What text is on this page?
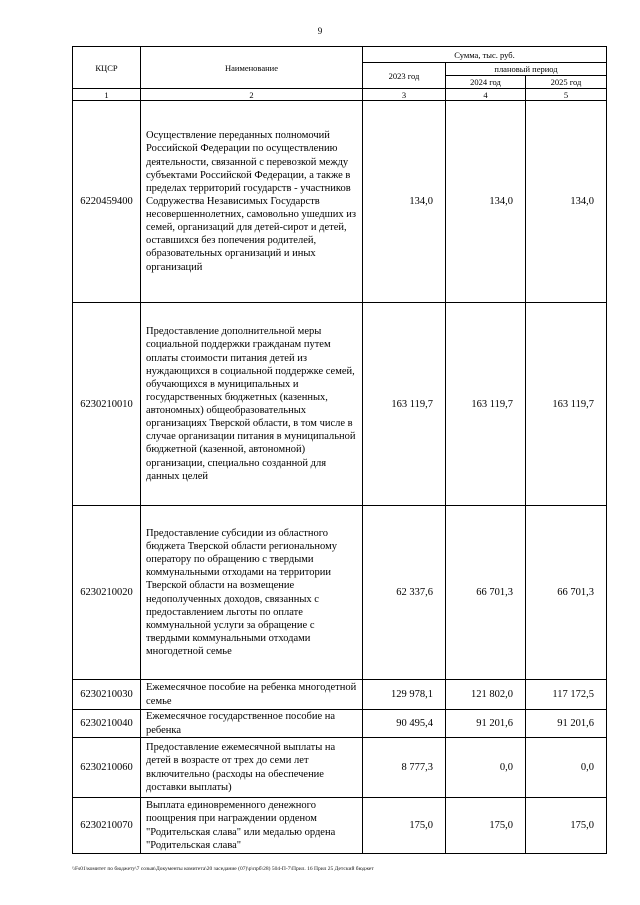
9
КЦСР	Наименование	Сумма, тыс. руб.		
		2023 год	плановый период	
			2024 год	2025 год
1	2	3	4	5
6220459400	Осуществление переданных полномочий Российской Федерации по осуществлению деятельности, связанной с перевозкой между субъектами Российской Федерации, а также в пределах территорий государств - участников Содружества Независимых Государств несовершеннолетних, самовольно ушедших из семей, организаций для детей-сирот и детей, оставшихся без попечения родителей, образовательных организаций и иных организаций	134,0	134,0	134,0
6230210010	Предоставление дополнительной меры социальной поддержки гражданам путем оплаты стоимости питания детей из нуждающихся в социальной поддержке семей, обучающихся в муниципальных и государственных бюджетных (казенных, автономных) общеобразовательных организациях Тверской области, в том числе в случае организации питания в муниципальной бюджетной (казенной, автономной) организации, специально созданной для данных целей	163 119,7	163 119,7	163 119,7
6230210020	Предоставление субсидии из областного бюджета Тверской области региональному оператору по обращению с твердыми коммунальными отходами на территории Тверской области на возмещение недополученных доходов, связанных с предоставлением льготы по оплате коммунальной услуги за обращение с твердыми коммунальными отходами многодетной семье	62 337,6	66 701,3	66 701,3
6230210030	Ежемесячное пособие на ребенка многодетной семье	129 978,1	121 802,0	117 172,5
6230210040	Ежемесячное государственное пособие на ребенка	90 495,4	91 201,6	91 201,6
6230210060	Предоставление ежемесячной выплаты на детей в возрасте от трех до семи лет включительно (расходы на обеспечение доставки выплаты)	8 777,3	0,0	0,0
6230210070	Выплата единовременного денежного поощрения при награждении орденом "Родительская слава" или медалью ордена "Родительская слава"	175,0	175,0	175,0
\\Fs01\комитет по бюджету\7 созыв\Документы комитета\20 заседание (07)\р\прб\28) 504-П-7\Прил. 16 Прил 25 Детский бюджет
